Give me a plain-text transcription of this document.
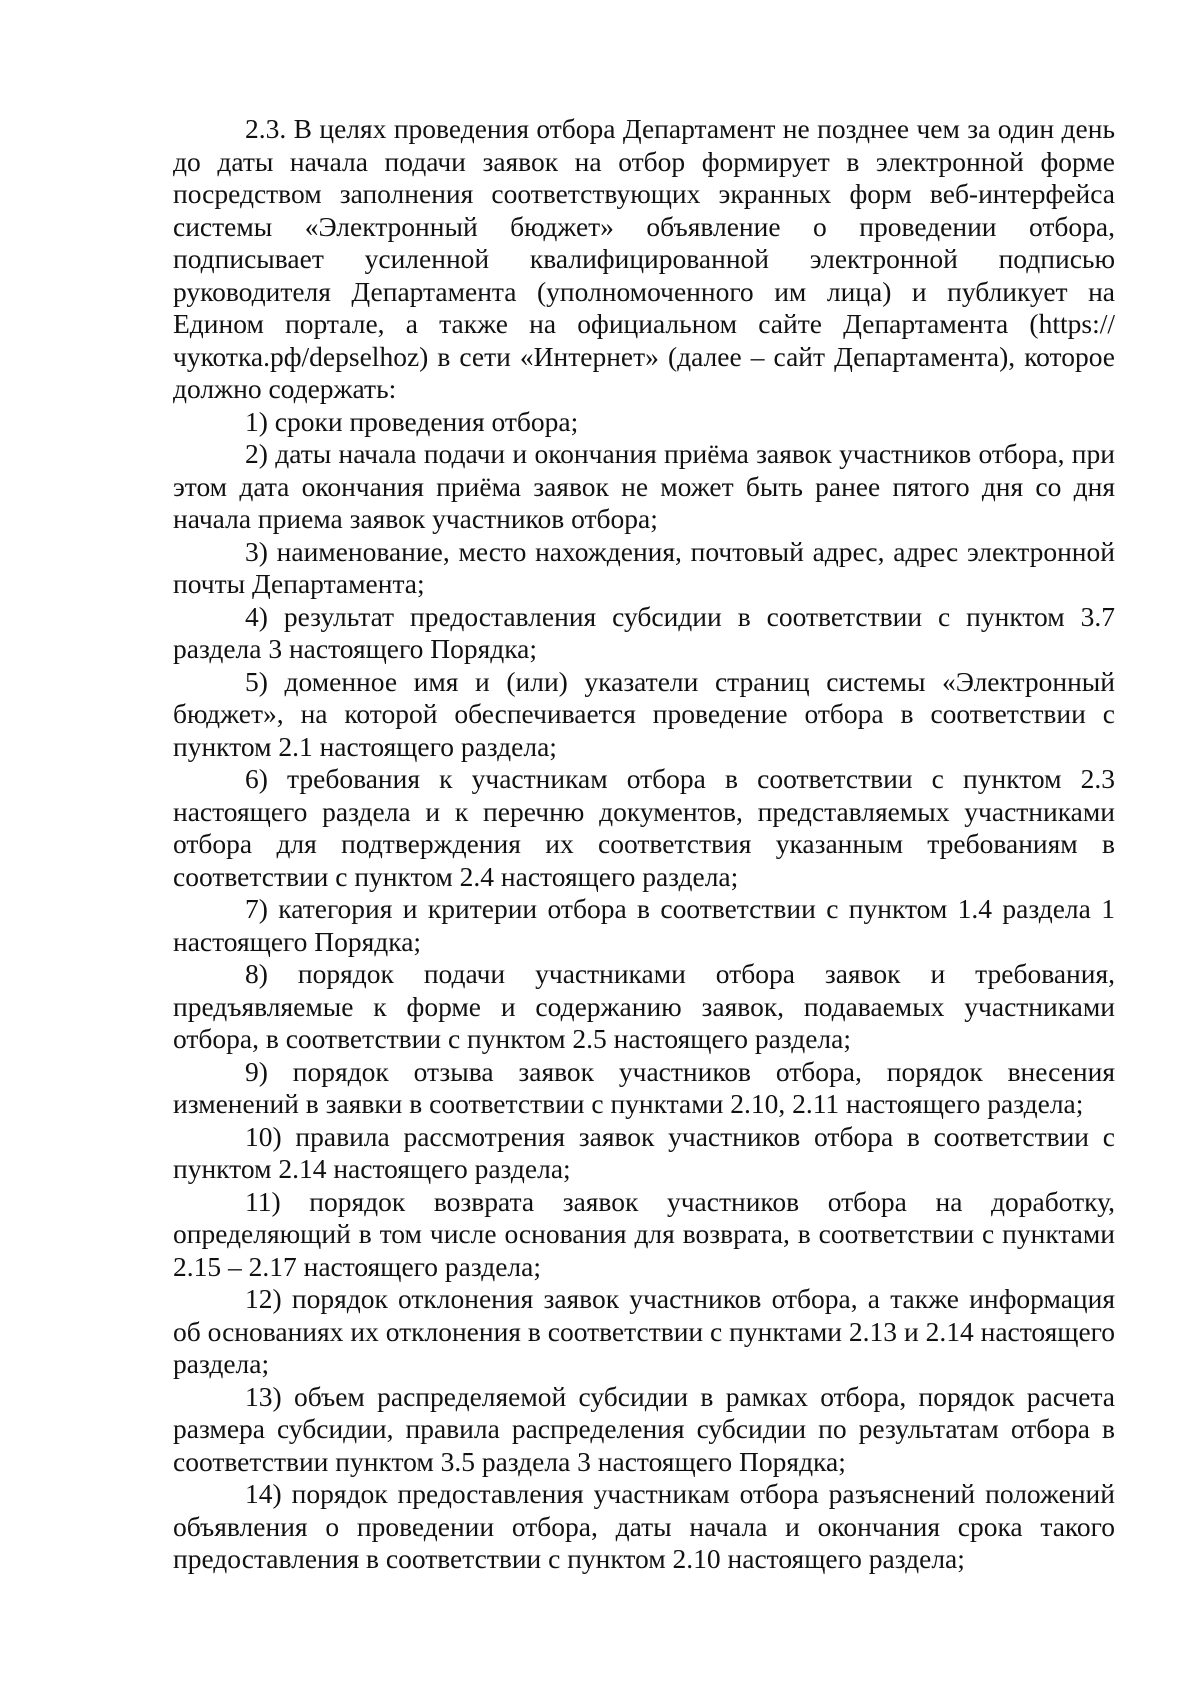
2.3. В целях проведения отбора Департамент не позднее чем за один день до даты начала подачи заявок на отбор формирует в электронной форме посредством заполнения соответствующих экранных форм веб-интерфейса системы «Электронный бюджет» объявление о проведении отбора, подписывает усиленной квалифицированной электронной подписью руководителя Департамента (уполномоченного им лица) и публикует на Едином портале, а также на официальном сайте Департамента (https://чукотка.рф/depselhoz) в сети «Интернет» (далее – сайт Департамента), которое должно содержать:

1) сроки проведения отбора;

2) даты начала подачи и окончания приёма заявок участников отбора, при этом дата окончания приёма заявок не может быть ранее пятого дня со дня начала приема заявок участников отбора;

3) наименование, место нахождения, почтовый адрес, адрес электронной почты Департамента;

4) результат предоставления субсидии в соответствии с пунктом 3.7 раздела 3 настоящего Порядка;

5) доменное имя и (или) указатели страниц системы «Электронный бюджет», на которой обеспечивается проведение отбора в соответствии с пунктом 2.1 настоящего раздела;

6) требования к участникам отбора в соответствии с пунктом 2.3 настоящего раздела и к перечню документов, представляемых участниками отбора для подтверждения их соответствия указанным требованиям в соответствии с пунктом 2.4 настоящего раздела;

7) категория и критерии отбора в соответствии с пунктом 1.4 раздела 1 настоящего Порядка;

8) порядок подачи участниками отбора заявок и требования, предъявляемые к форме и содержанию заявок, подаваемых участниками отбора, в соответствии с пунктом 2.5 настоящего раздела;

9) порядок отзыва заявок участников отбора, порядок внесения изменений в заявки в соответствии с пунктами 2.10, 2.11 настоящего раздела;

10) правила рассмотрения заявок участников отбора в соответствии с пунктом 2.14 настоящего раздела;

11) порядок возврата заявок участников отбора на доработку, определяющий в том числе основания для возврата, в соответствии с пунктами 2.15 – 2.17 настоящего раздела;

12) порядок отклонения заявок участников отбора, а также информация об основаниях их отклонения в соответствии с пунктами 2.13 и 2.14 настоящего раздела;

13) объем распределяемой субсидии в рамках отбора, порядок расчета размера субсидии, правила распределения субсидии по результатам отбора в соответствии пунктом 3.5 раздела 3 настоящего Порядка;

14) порядок предоставления участникам отбора разъяснений положений объявления о проведении отбора, даты начала и окончания срока такого предоставления в соответствии с пунктом 2.10 настоящего раздела;
